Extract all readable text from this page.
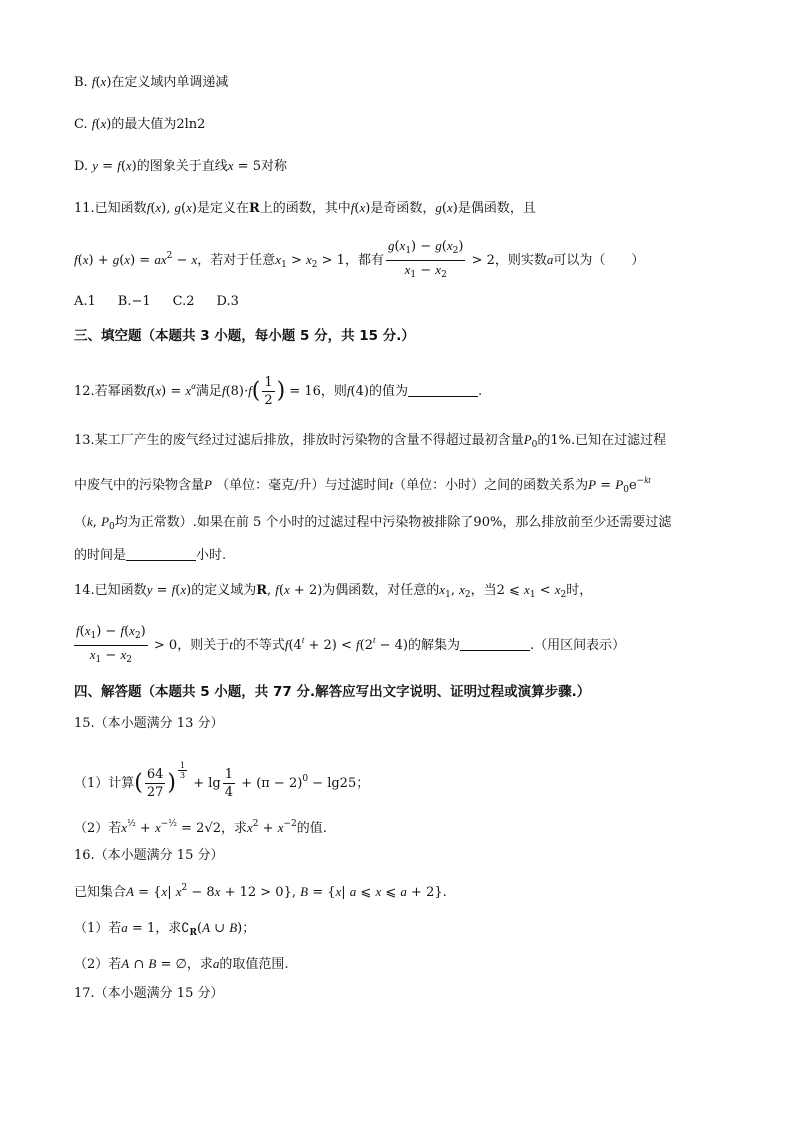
B. f(x)在定义域内单调递减
C. f(x)的最大值为2ln2
D. y = f(x)的图象关于直线x = 5对称
11.已知函数f(x), g(x)是定义在R上的函数，其中f(x)是奇函数，g(x)是偶函数，且
$f(x) + g(x) = ax^2 - x$，若对于任意$x_1 > x_2 > 1$，都有 $\frac{g(x_1) - g(x_2)}{x_1 - x_2} > 2$，则实数a可以为（　　）
A.1 B.−1 C.2 D.3
三、填空题（本题共 3 小题，每小题 5 分，共 15 分.）
12.若幂函数$f(x) = x^\alpha$满足$f(8)\cdot f( \frac{1}{2}$ ) = 16，则f(4)的值为	.
13.某工厂产生的废气经过过滤后排放，排放时污染物的含量不得超过最初含量$P_0$的1%.已知在过滤过程
中废气中的污染物含量P （单位：毫克/升）与过滤时间t（单位：小时）之间的函数关系为$P = P_0e^{-kt}$
（k, $P_0$均为正常数）.如果在前 5 个小时的过滤过程中污染物被排除了90%，那么排放前至少还需要过滤
的时间是	小时.
14.已知函数y = f(x)的定义域为R, f(x + 2)为偶函数，对任意的$x_1$, $x_2$，当2 ⩽ $x_1 < x_2$时，
$\frac{f(x_1) - f(x_2)}{x_1 - x_2} > 0$，则关于t的不等式$f(4^t + 2) < f(2^t - 4)$的解集为	.（用区间表示）
四、解答题（本题共 5 小题，共 77 分.解答应写出文字说明、证明过程或演算步骤.）
15.（本小题满分 13 分）
（1）计算( $\frac{64}{27}$ ) $^{\frac{1}{3}}$
+ $\lg \frac{1}{4} + (\pi - 2)^0 - \lg 25$；
（2）若$x^{\frac{1}{2}} + x^{-\frac{1}{2}} = 2√2$，求$x^2 + x^{-2}$的值.
16.（本小题满分 15 分）
已知集合A = {x| $x^2 - 8x + 12 > 0$}, B = {x| a ⩽ x ⩽ a + 2}.
（1）若a = 1，求$∁_R(A$ ∪ B)；
（2）若A ∩ B = ∅，求a的取值范围.
17.（本小题满分 15 分）
